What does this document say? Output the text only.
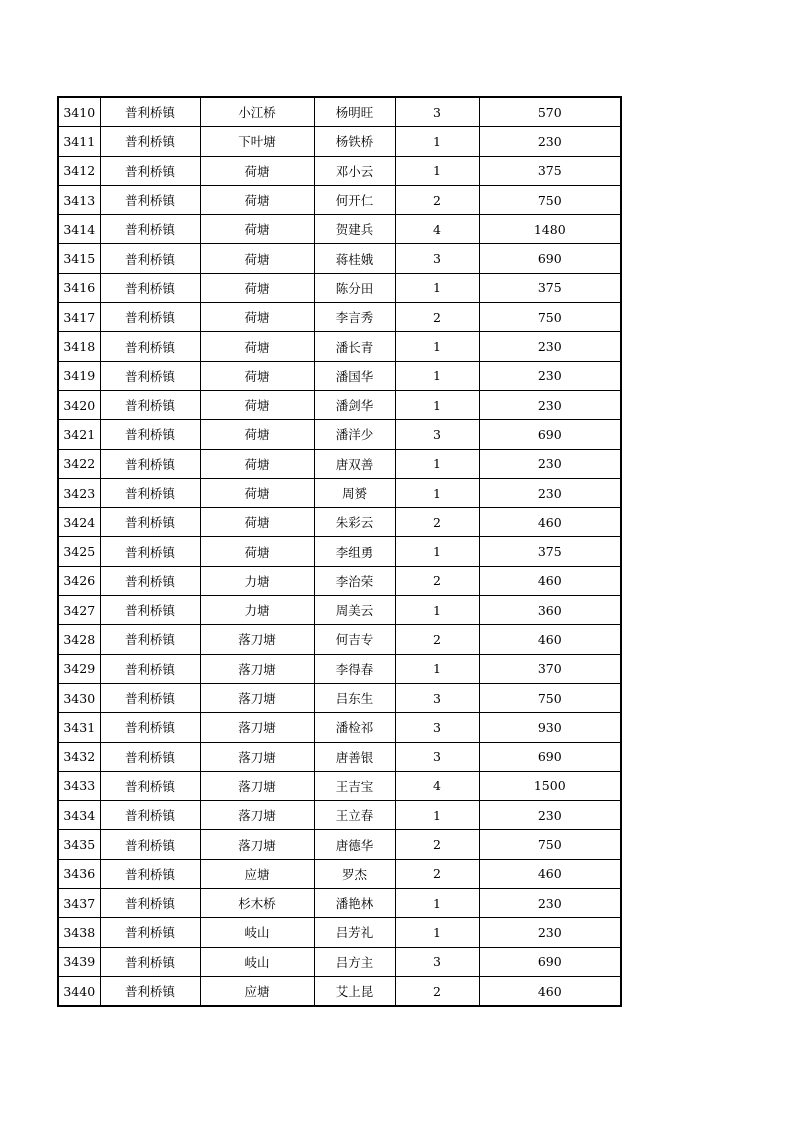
3410	普利桥镇	小江桥	杨明旺	3	570
3411	普利桥镇	下叶塘	杨铁桥	1	230
3412	普利桥镇	荷塘	邓小云	1	375
3413	普利桥镇	荷塘	何开仁	2	750
3414	普利桥镇	荷塘	贺建兵	4	1480
3415	普利桥镇	荷塘	蒋桂娥	3	690
3416	普利桥镇	荷塘	陈分田	1	375
3417	普利桥镇	荷塘	李言秀	2	750
3418	普利桥镇	荷塘	潘长青	1	230
3419	普利桥镇	荷塘	潘国华	1	230
3420	普利桥镇	荷塘	潘剑华	1	230
3421	普利桥镇	荷塘	潘洋少	3	690
3422	普利桥镇	荷塘	唐双善	1	230
3423	普利桥镇	荷塘	周赟	1	230
3424	普利桥镇	荷塘	朱彩云	2	460
3425	普利桥镇	荷塘	李组勇	1	375
3426	普利桥镇	力塘	李治荣	2	460
3427	普利桥镇	力塘	周美云	1	360
3428	普利桥镇	落刀塘	何吉专	2	460
3429	普利桥镇	落刀塘	李得春	1	370
3430	普利桥镇	落刀塘	吕东生	3	750
3431	普利桥镇	落刀塘	潘检祁	3	930
3432	普利桥镇	落刀塘	唐善银	3	690
3433	普利桥镇	落刀塘	王吉宝	4	1500
3434	普利桥镇	落刀塘	王立春	1	230
3435	普利桥镇	落刀塘	唐德华	2	750
3436	普利桥镇	应塘	罗杰	2	460
3437	普利桥镇	杉木桥	潘艳林	1	230
3438	普利桥镇	岐山	吕芳礼	1	230
3439	普利桥镇	岐山	吕方主	3	690
3440	普利桥镇	应塘	艾上昆	2	460
